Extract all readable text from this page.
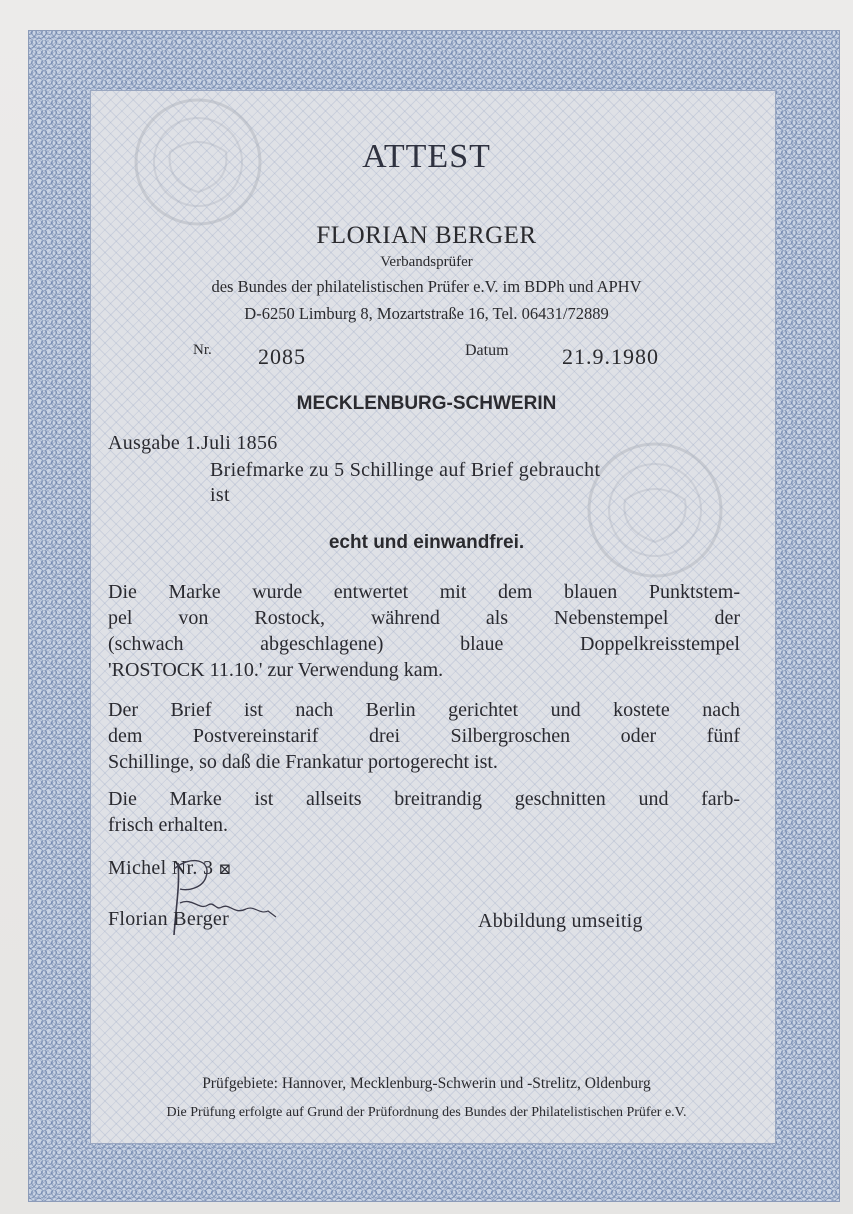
ATTEST
FLORIAN BERGER
Verbandsprüfer
des Bundes der philatelistischen Prüfer e.V. im BDPh und APHV
D-6250 Limburg 8, Mozartstraße 16, Tel. 06431/72889
Nr. 2085	Datum 21.9.1980
MECKLENBURG-SCHWERIN
Ausgabe 1.Juli 1856
Briefmarke zu 5 Schillinge auf Brief gebraucht
ist
echt und einwandfrei.
Die Marke wurde entwertet mit dem blauen Punktstem-
pel von Rostock, während als Nebenstempel der
(schwach abgeschlagene) blaue Doppelkreisstempel
'ROSTOCK 11.10.' zur Verwendung kam.
Der Brief ist nach Berlin gerichtet und kostete nach
dem Postvereinstarif drei Silbergroschen oder fünf
Schillinge, so daß die Frankatur portogerecht ist.
Die Marke ist allseits breitrandig geschnitten und farb-
frisch erhalten.
Michel Nr. 3 ⊠
Florian Berger	Abbildung umseitig
Prüfgebiete: Hannover, Mecklenburg-Schwerin und -Strelitz, Oldenburg
Die Prüfung erfolgte auf Grund der Prüfordnung des Bundes der Philatelistischen Prüfer e.V.
